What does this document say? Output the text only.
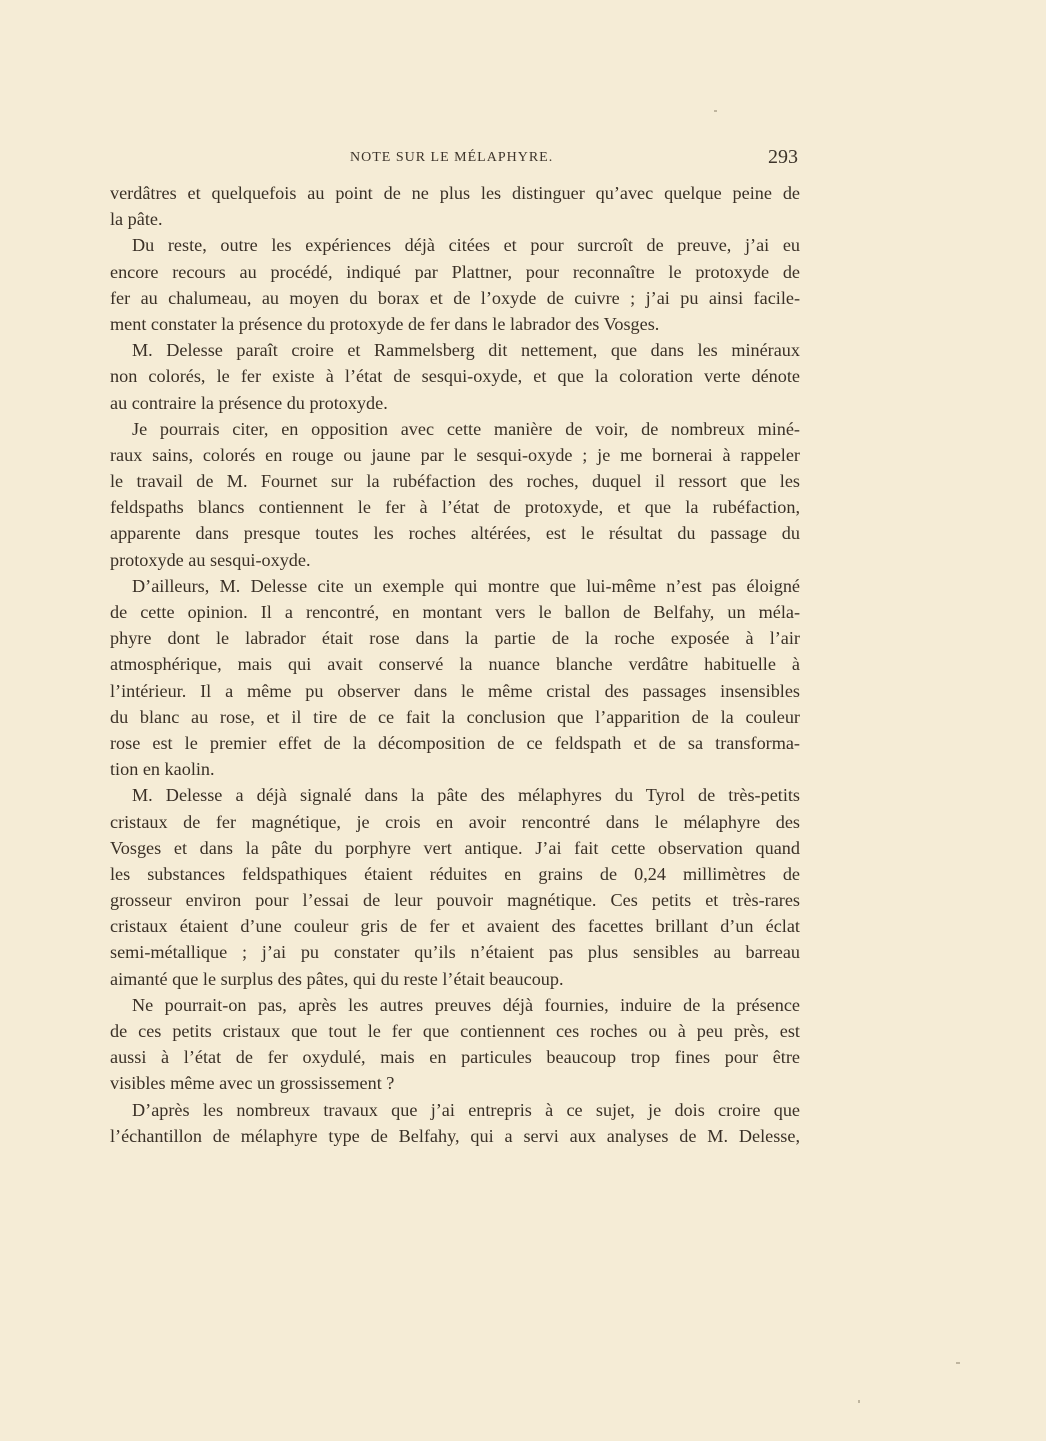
NOTE SUR LE MÉLAPHYRE.	293
verdâtres et quelquefois au point de ne plus les distinguer qu’avec quelque peine de
la pâte.
Du reste, outre les expériences déjà citées et pour surcroît de preuve, j’ai eu
encore recours au procédé, indiqué par Plattner, pour reconnaître le protoxyde de
fer au chalumeau, au moyen du borax et de l’oxyde de cuivre ; j’ai pu ainsi facile-
ment constater la présence du protoxyde de fer dans le labrador des Vosges.
M. Delesse paraît croire et Rammelsberg dit nettement, que dans les minéraux
non colorés, le fer existe à l’état de sesqui-oxyde, et que la coloration verte dénote
au contraire la présence du protoxyde.
Je pourrais citer, en opposition avec cette manière de voir, de nombreux miné-
raux sains, colorés en rouge ou jaune par le sesqui-oxyde ; je me bornerai à rappeler
le travail de M. Fournet sur la rubéfaction des roches, duquel il ressort que les
feldspaths blancs contiennent le fer à l’état de protoxyde, et que la rubéfaction,
apparente dans presque toutes les roches altérées, est le résultat du passage du
protoxyde au sesqui-oxyde.
D’ailleurs, M. Delesse cite un exemple qui montre que lui-même n’est pas éloigné
de cette opinion. Il a rencontré, en montant vers le ballon de Belfahy, un méla-
phyre dont le labrador était rose dans la partie de la roche exposée à l’air
atmosphérique, mais qui avait conservé la nuance blanche verdâtre habituelle à
l’intérieur. Il a même pu observer dans le même cristal des passages insensibles
du blanc au rose, et il tire de ce fait la conclusion que l’apparition de la couleur
rose est le premier effet de la décomposition de ce feldspath et de sa transforma-
tion en kaolin.
M. Delesse a déjà signalé dans la pâte des mélaphyres du Tyrol de très-petits
cristaux de fer magnétique, je crois en avoir rencontré dans le mélaphyre des
Vosges et dans la pâte du porphyre vert antique. J’ai fait cette observation quand
les substances feldspathiques étaient réduites en grains de 0,24 millimètres de
grosseur environ pour l’essai de leur pouvoir magnétique. Ces petits et très-rares
cristaux étaient d’une couleur gris de fer et avaient des facettes brillant d’un éclat
semi-métallique ; j’ai pu constater qu’ils n’étaient pas plus sensibles au barreau
aimanté que le surplus des pâtes, qui du reste l’était beaucoup.
Ne pourrait-on pas, après les autres preuves déjà fournies, induire de la présence
de ces petits cristaux que tout le fer que contiennent ces roches ou à peu près, est
aussi à l’état de fer oxydulé, mais en particules beaucoup trop fines pour être
visibles même avec un grossissement ?
D’après les nombreux travaux que j’ai entrepris à ce sujet, je dois croire que
l’échantillon de mélaphyre type de Belfahy, qui a servi aux analyses de M. Delesse,
